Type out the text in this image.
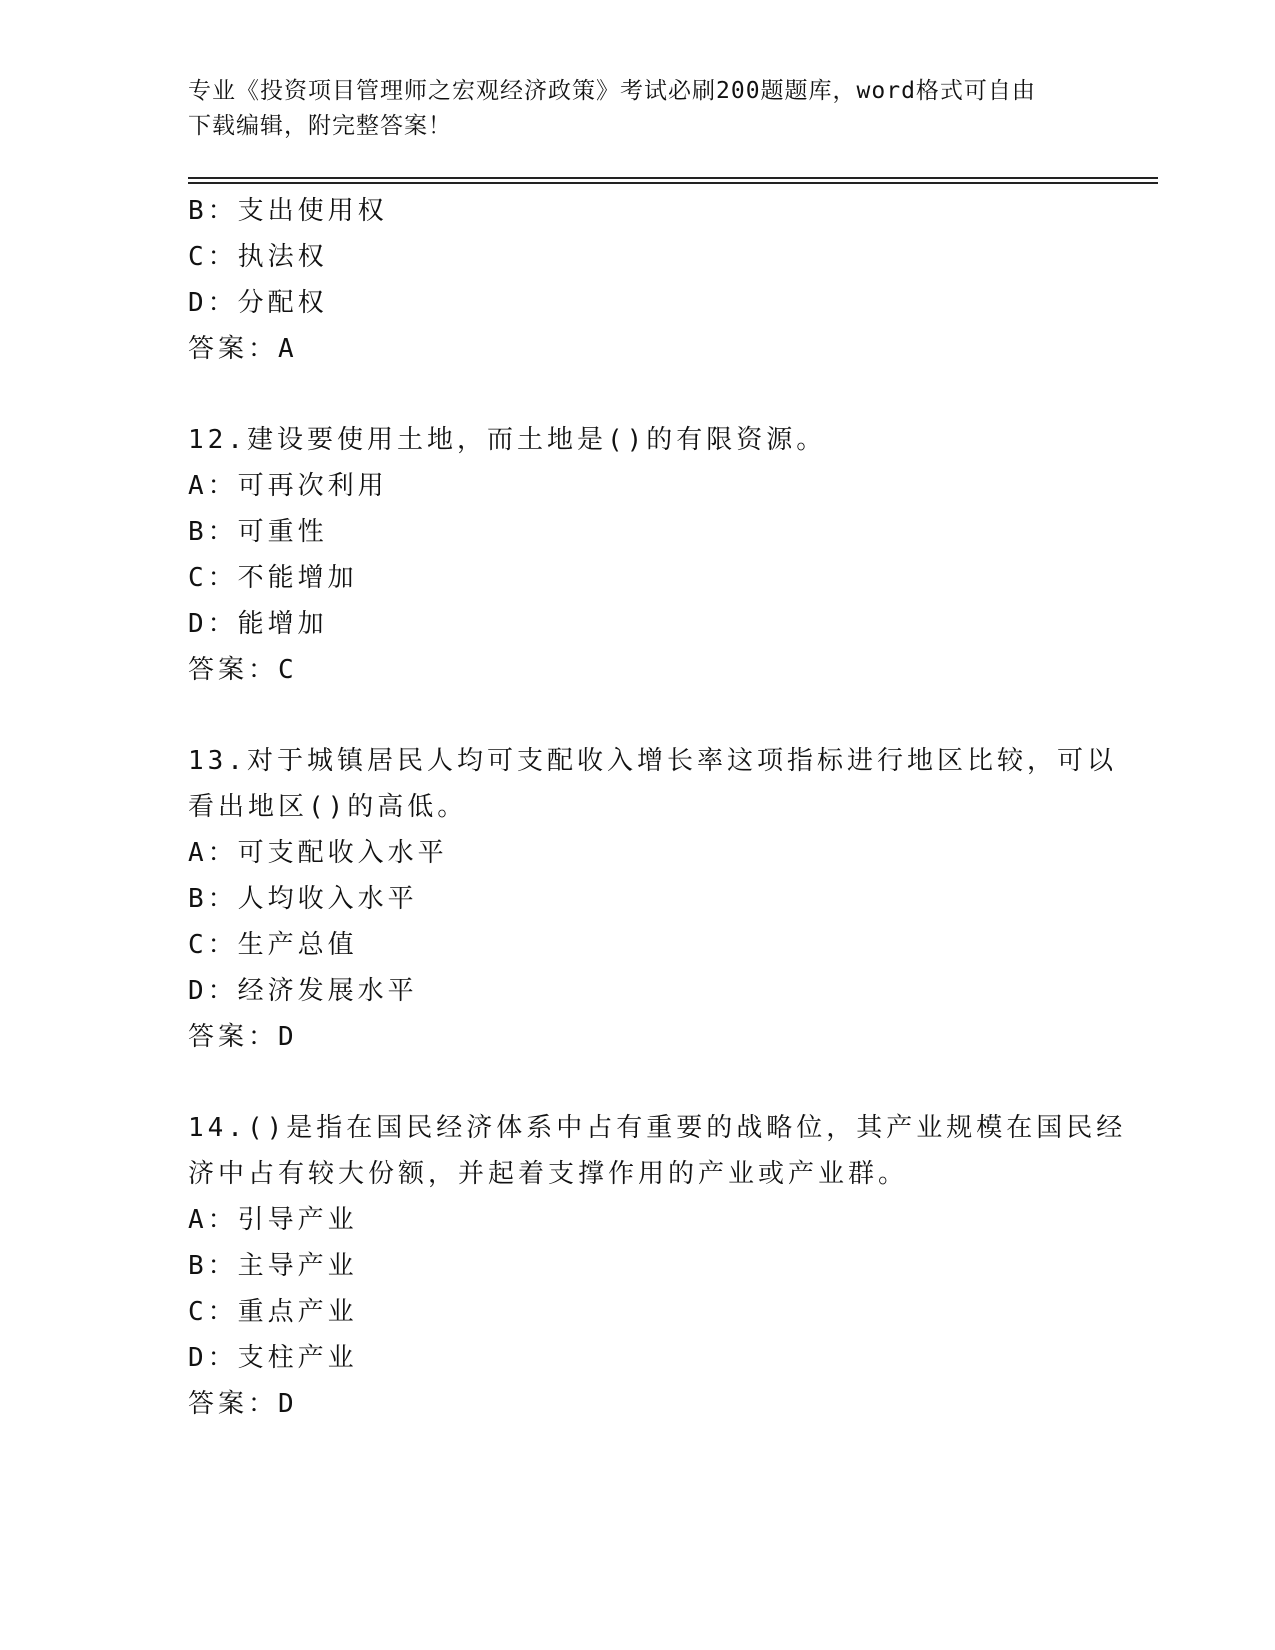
专业《投资项目管理师之宏观经济政策》考试必刷200题题库，word格式可自由
下载编辑，附完整答案！
B：支出使用权
C：执法权
D：分配权
答案：A
12.建设要使用土地，而土地是()的有限资源。
A：可再次利用
B：可重性
C：不能增加
D：能增加
答案：C
13.对于城镇居民人均可支配收入增长率这项指标进行地区比较，可以
看出地区()的高低。
A：可支配收入水平
B：人均收入水平
C：生产总值
D：经济发展水平
答案：D
14.()是指在国民经济体系中占有重要的战略位，其产业规模在国民经
济中占有较大份额，并起着支撑作用的产业或产业群。
A：引导产业
B：主导产业
C：重点产业
D：支柱产业
答案：D
